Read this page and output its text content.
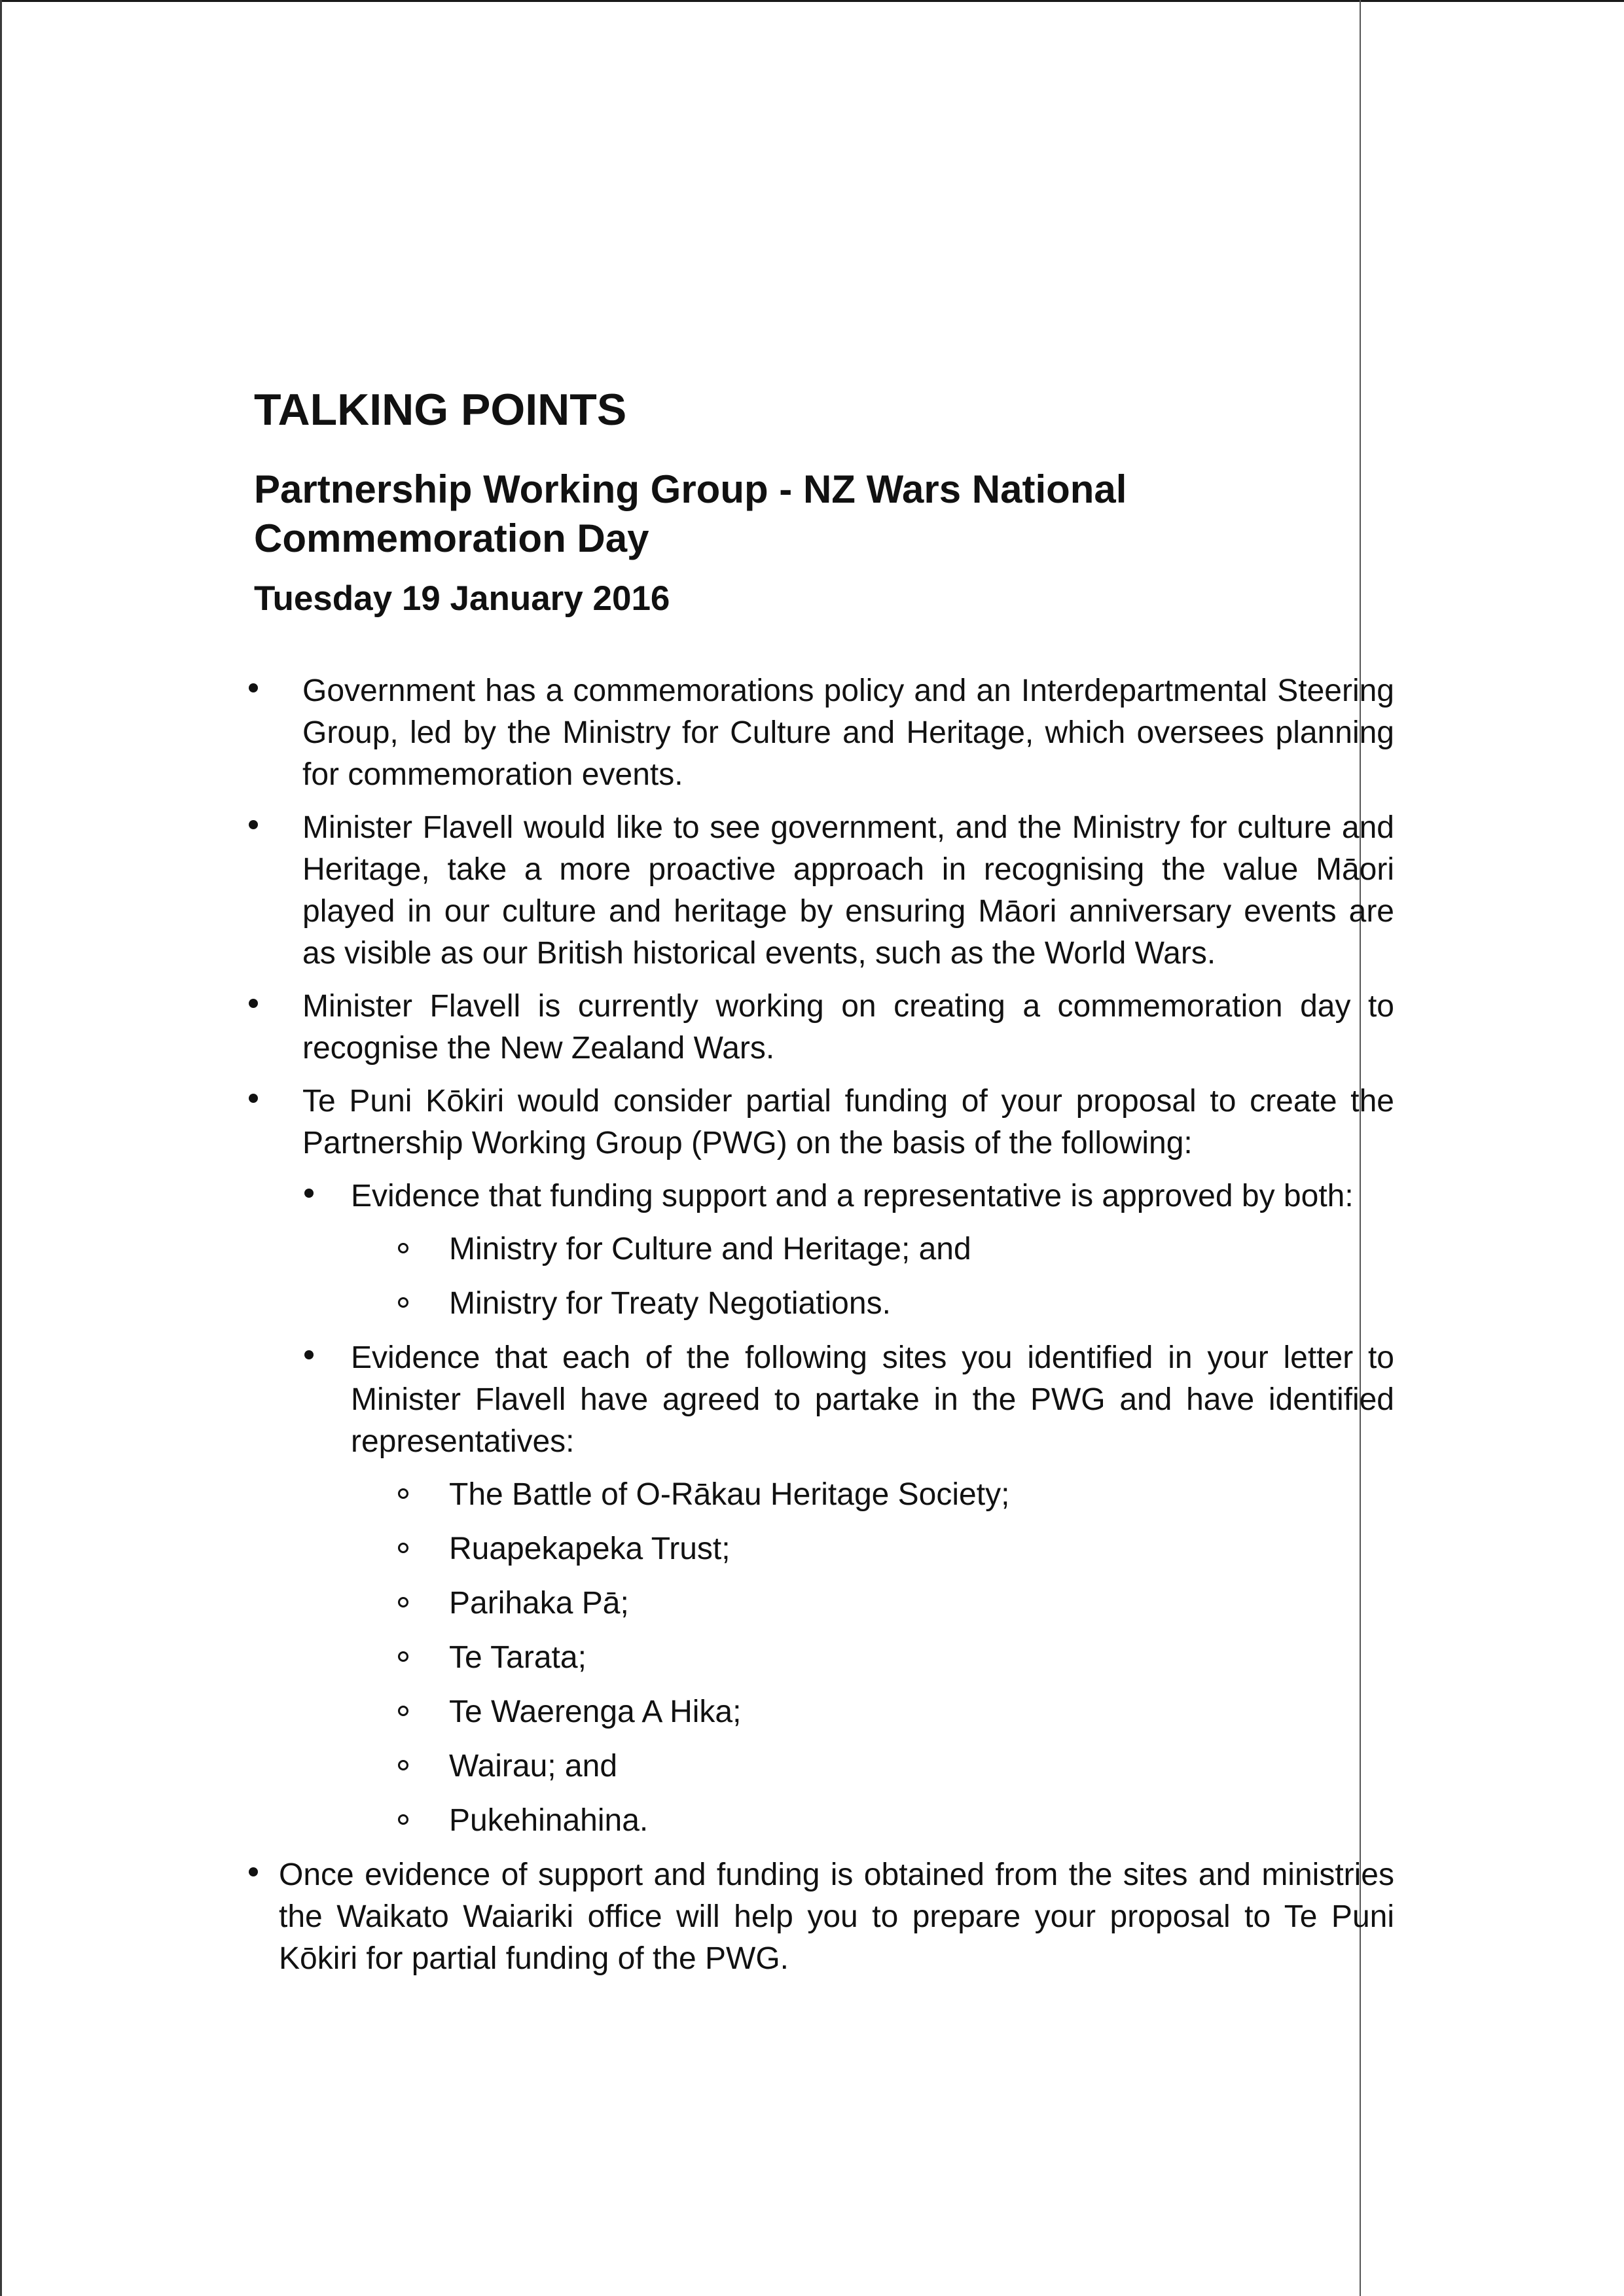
TALKING POINTS
Partnership Working Group - NZ Wars National
Commemoration Day
Tuesday 19 January 2016

Government has a commemorations policy and an Interdepartmental Steering Group, led by the Ministry for Culture and Heritage, which oversees planning for commemoration events.

Minister Flavell would like to see government, and the Ministry for culture and Heritage, take a more proactive approach in recognising the value Māori played in our culture and heritage by ensuring Māori anniversary events are as visible as our British historical events, such as the World Wars.

Minister Flavell is currently working on creating a commemoration day to recognise the New Zealand Wars.

Te Puni Kōkiri would consider partial funding of your proposal to create the Partnership Working Group (PWG) on the basis of the following:

Evidence that funding support and a representative is approved by both:

Ministry for Culture and Heritage; and
Ministry for Treaty Negotiations.

Evidence that each of the following sites you identified in your letter to Minister Flavell have agreed to partake in the PWG and have identified representatives:

The Battle of O-Rākau Heritage Society;
Ruapekapeka Trust;
Parihaka Pā;
Te Tarata;
Te Waerenga A Hika;
Wairau; and
Pukehinahina.

Once evidence of support and funding is obtained from the sites and ministries the Waikato Waiariki office will help you to prepare your proposal to Te Puni Kōkiri for partial funding of the PWG.
